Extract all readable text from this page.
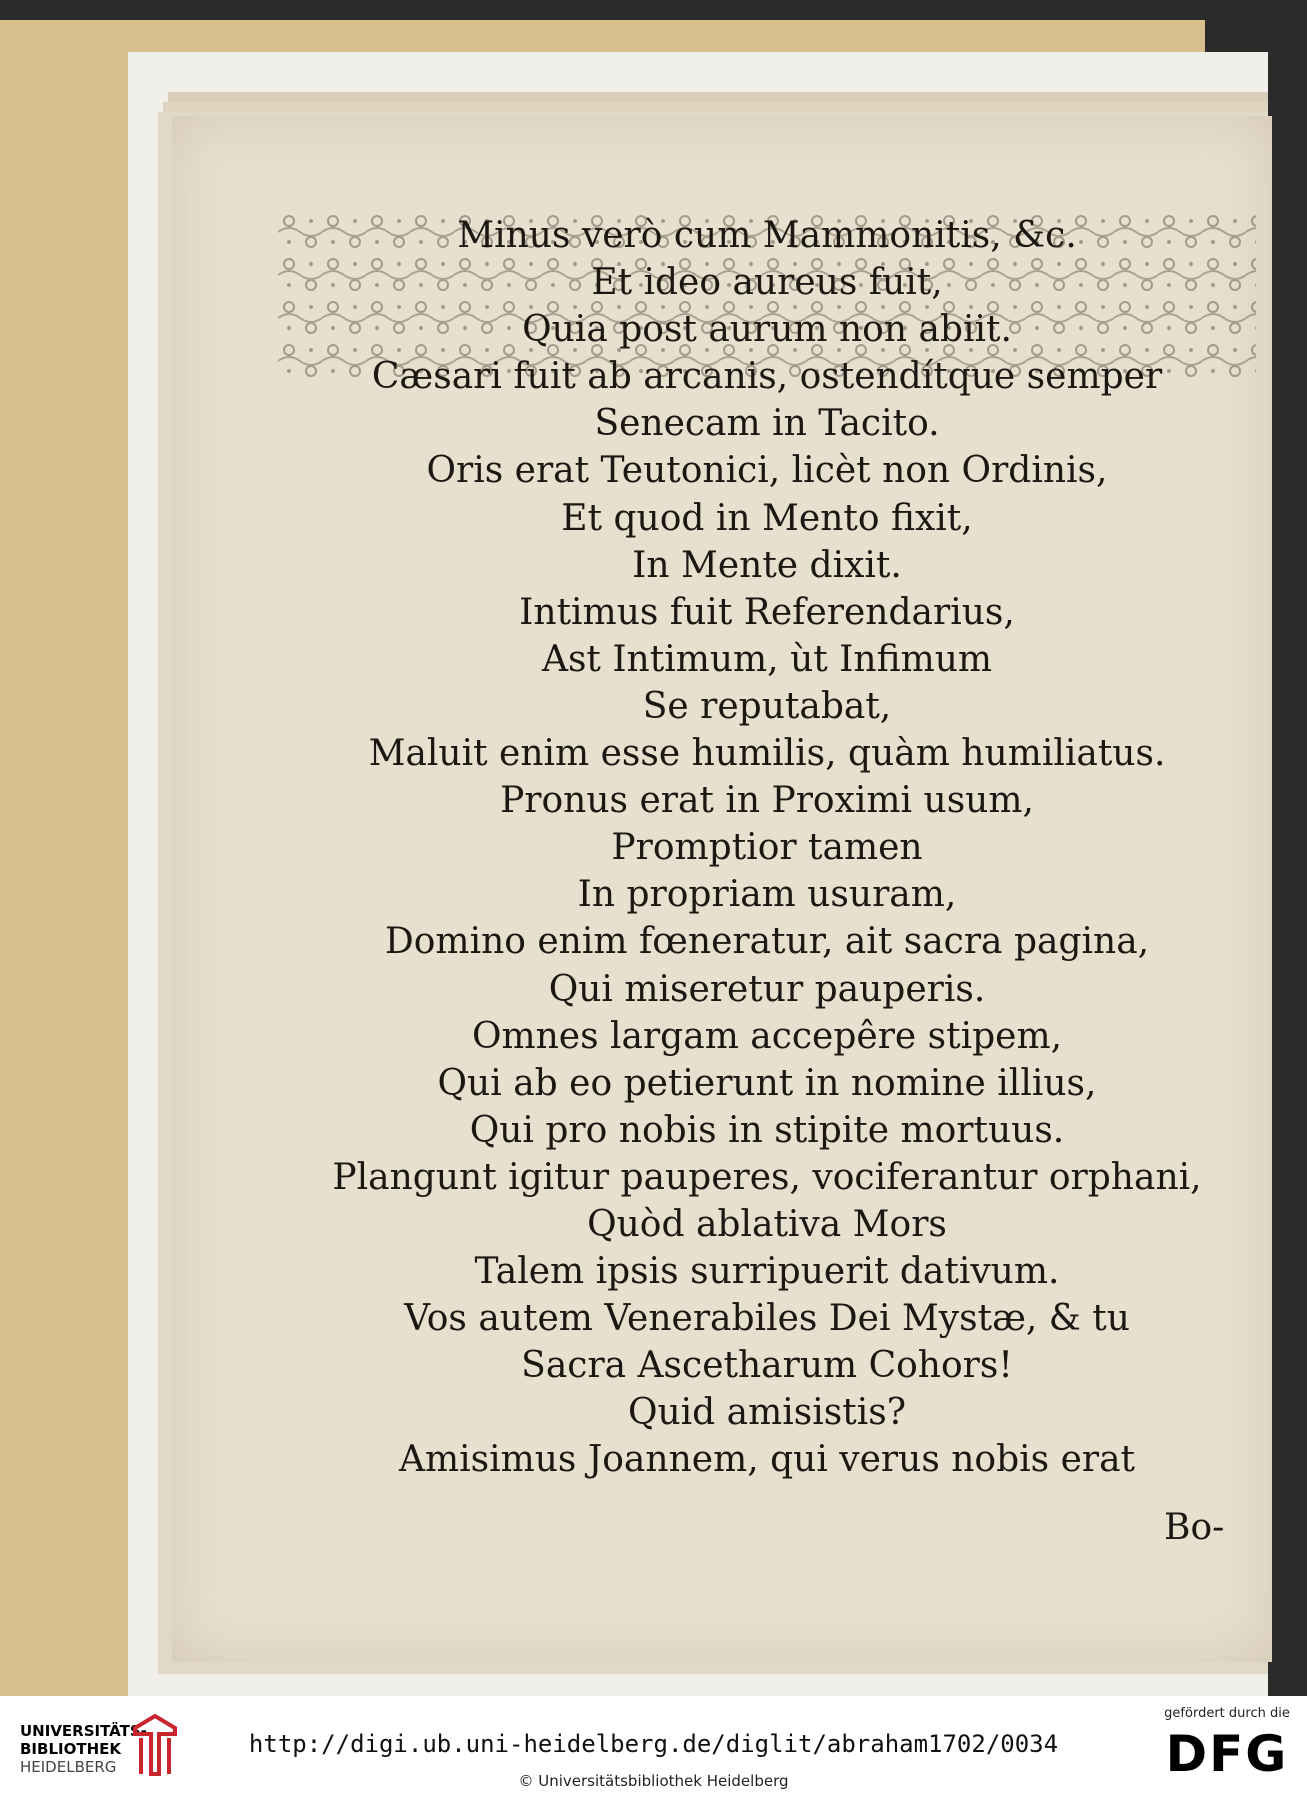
Minus verò cum Mammonitis, &c.
Et ideo aureus fuit,
Quia post aurum non abiit.
Cæsari fuit ab arcanis, ostendítque semper
Senecam in Tacito.
Oris erat Teutonici, licèt non Ordinis,
Et quod in Mento fixit,
In Mente dixit.
Intimus fuit Referendarius,
Ast Intimum, ùt Infimum
Se reputabat,
Maluit enim esse humilis, quàm humiliatus.
Pronus erat in Proximi usum,
Promptior tamen
In propriam usuram,
Domino enim fœneratur, ait sacra pagina,
Qui miseretur pauperis.
Omnes largam accepêre stipem,
Qui ab eo petierunt in nomine illius,
Qui pro nobis in stipite mortuus.
Plangunt igitur pauperes, vociferantur orphani,
Quòd ablativa Mors
Talem ipsis surripuerit dativum.
Vos autem Venerabiles Dei Mystæ, & tu
Sacra Ascetharum Cohors!
Quid amisistis?
Amisimus Joannem, qui verus nobis erat
Bo-
UNIVERSITÄTS-
BIBLIOTHEK
HEIDELBERG
http://digi.ub.uni-heidelberg.de/diglit/abraham1702/0034
© Universitätsbibliothek Heidelberg
gefördert durch die
DFG
